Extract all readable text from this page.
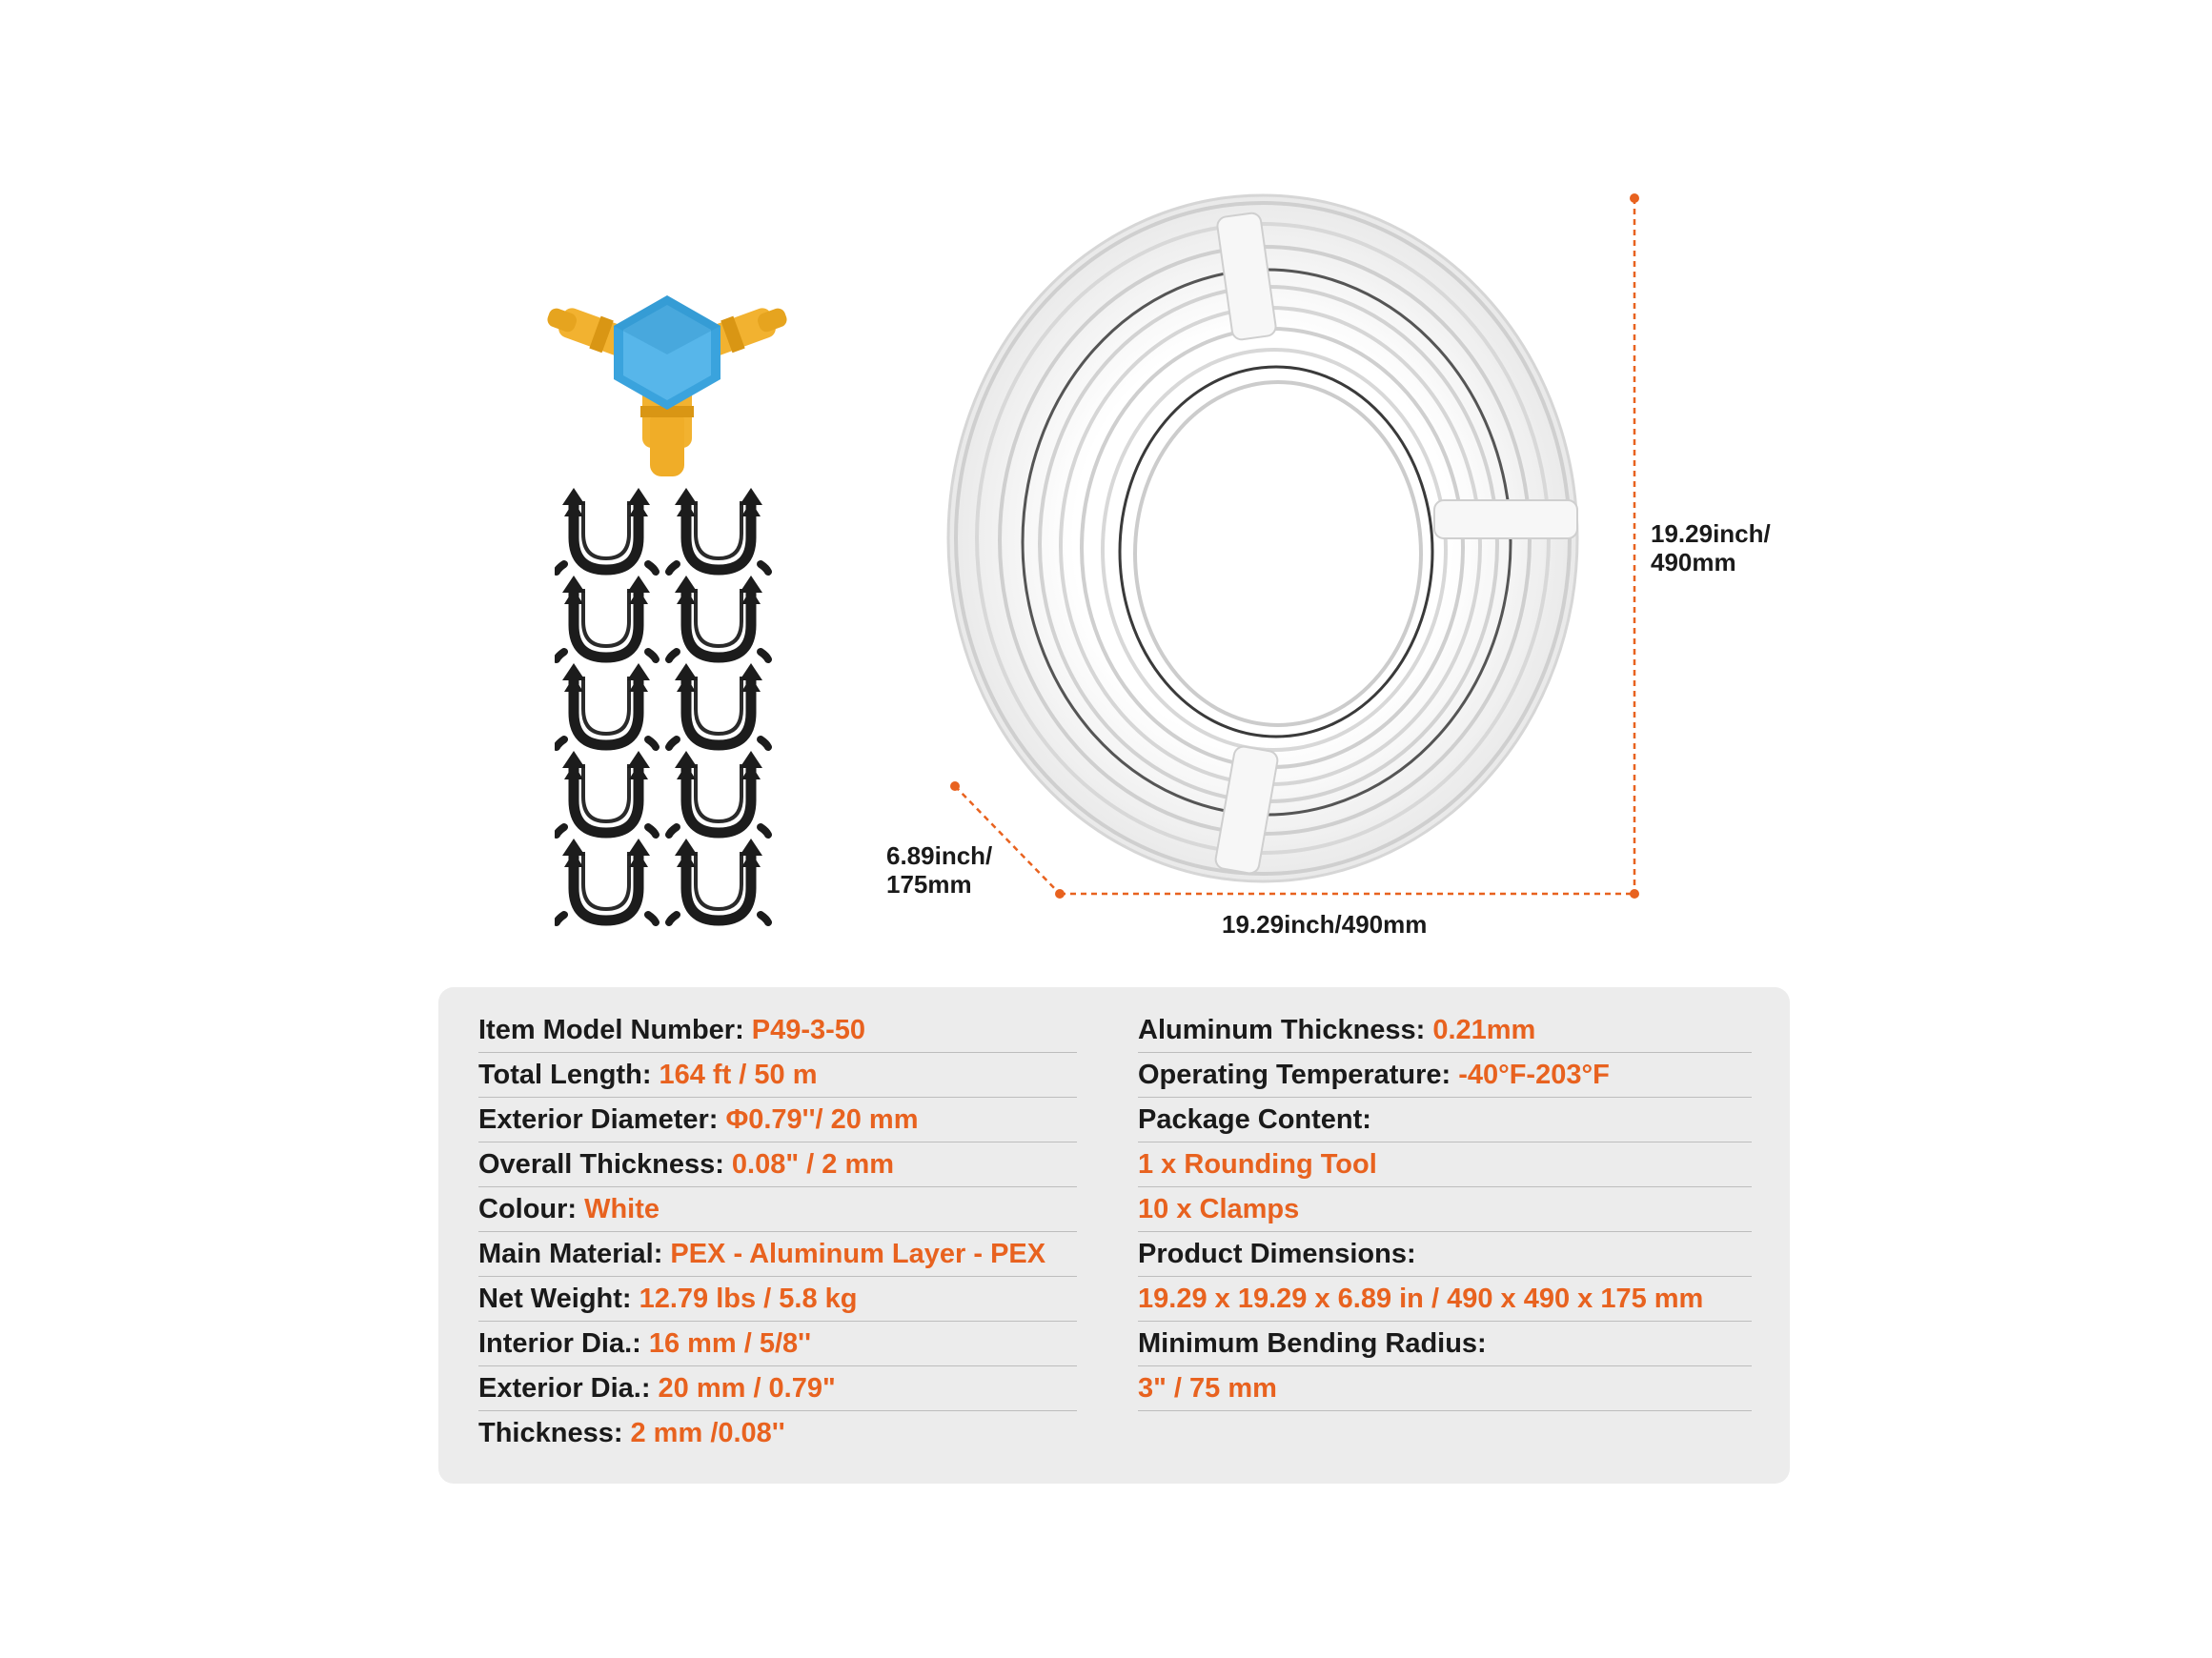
19.29inch/
490mm
19.29inch/490mm
6.89inch/
175mm
Item Model Number: P49-3-50
Total Length: 164 ft / 50 m
Exterior Diameter: Φ0.79''/ 20 mm
Overall Thickness: 0.08" / 2 mm
Colour: White
Main Material: PEX - Aluminum Layer - PEX
Net Weight: 12.79 lbs / 5.8 kg
Interior Dia.: 16 mm / 5/8''
Exterior Dia.: 20 mm / 0.79"
Thickness: 2 mm /0.08''
Aluminum Thickness: 0.21mm
Operating Temperature: -40°F-203°F
Package Content:
1 x Rounding Tool
10 x Clamps
Product Dimensions:
19.29 x 19.29 x 6.89 in / 490 x 490 x 175 mm
Minimum Bending Radius:
3" / 75 mm
